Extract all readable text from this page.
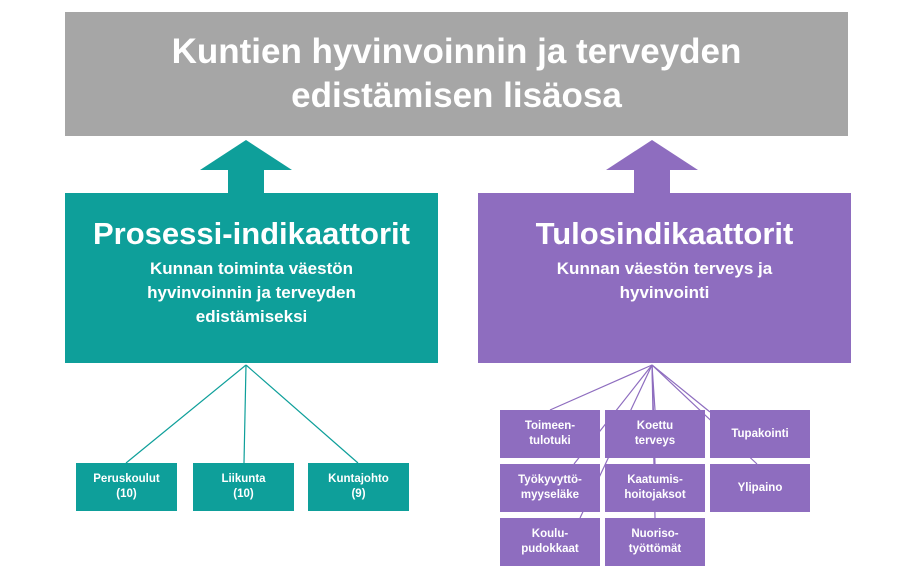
Kuntien hyvinvoinnin ja terveyden
edistämisen lisäosa
Prosessi-indikaattorit
Kunnan toiminta väestön
hyvinvoinnin ja terveyden
edistämiseksi
Tulosindikaattorit
Kunnan väestön terveys ja
hyvinvointi
Peruskoulut
(10)
Liikunta
(10)
Kuntajohto
(9)
Toimeen-
tulotuki
Koettu
terveys
Tupakointi
Työkyvyttö-
myyseläke
Kaatumis-
hoitojaksot
Ylipaino
Koulu-
pudokkaat
Nuoriso-
työttömät
